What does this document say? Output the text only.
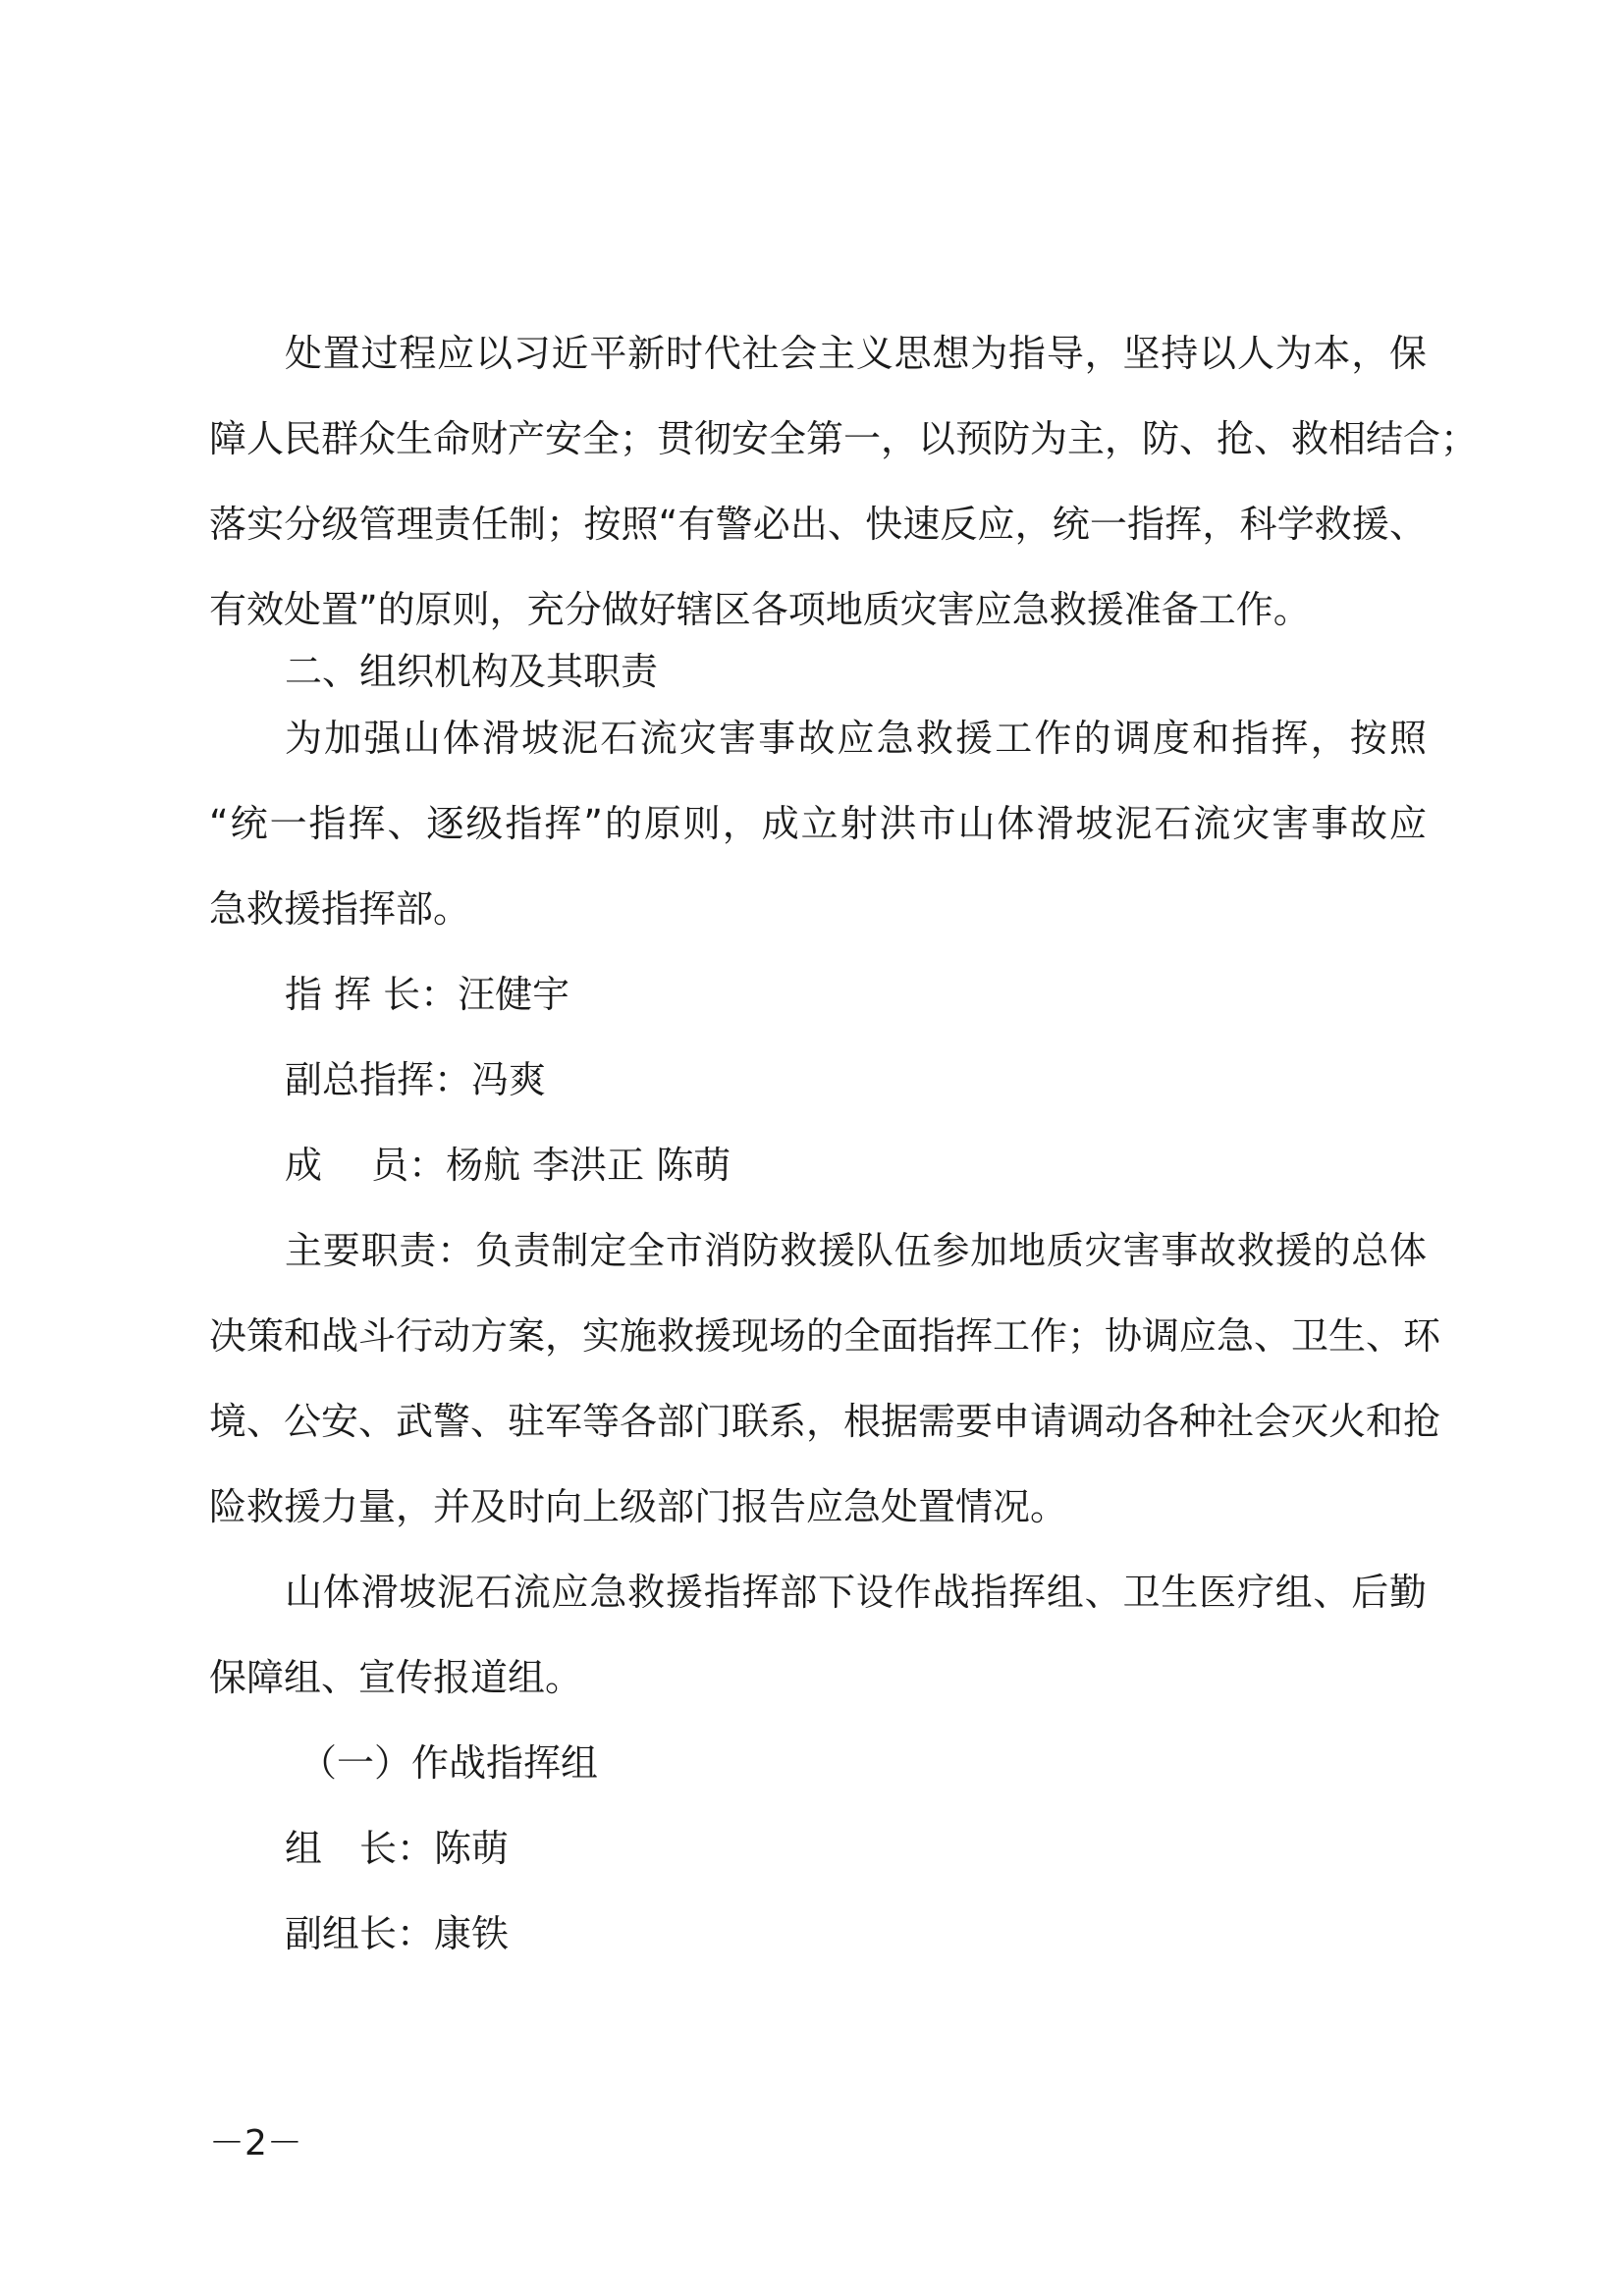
处置过程应以习近平新时代社会主义思想为指导，坚持以人为本，保
障人民群众生命财产安全；贯彻安全第一，以预防为主，防、抢、救相结合；
落实分级管理责任制；按照“有警必出、快速反应，统一指挥，科学救援、
有效处置”的原则，充分做好辖区各项地质灾害应急救援准备工作。
二、组织机构及其职责
为加强山体滑坡泥石流灾害事故应急救援工作的调度和指挥，按照
“统一指挥、逐级指挥”的原则，成立射洪市山体滑坡泥石流灾害事故应
急救援指挥部。
指 挥 长：汪健宇
副总指挥：冯爽
成　 员：杨航 李洪正 陈萌
主要职责：负责制定全市消防救援队伍参加地质灾害事故救援的总体
决策和战斗行动方案，实施救援现场的全面指挥工作；协调应急、卫生、环
境、公安、武警、驻军等各部门联系，根据需要申请调动各种社会灭火和抢
险救援力量，并及时向上级部门报告应急处置情况。
山体滑坡泥石流应急救援指挥部下设作战指挥组、卫生医疗组、后勤
保障组、宣传报道组。
（一）作战指挥组
组　长：陈萌
副组长：康铁
－2－
